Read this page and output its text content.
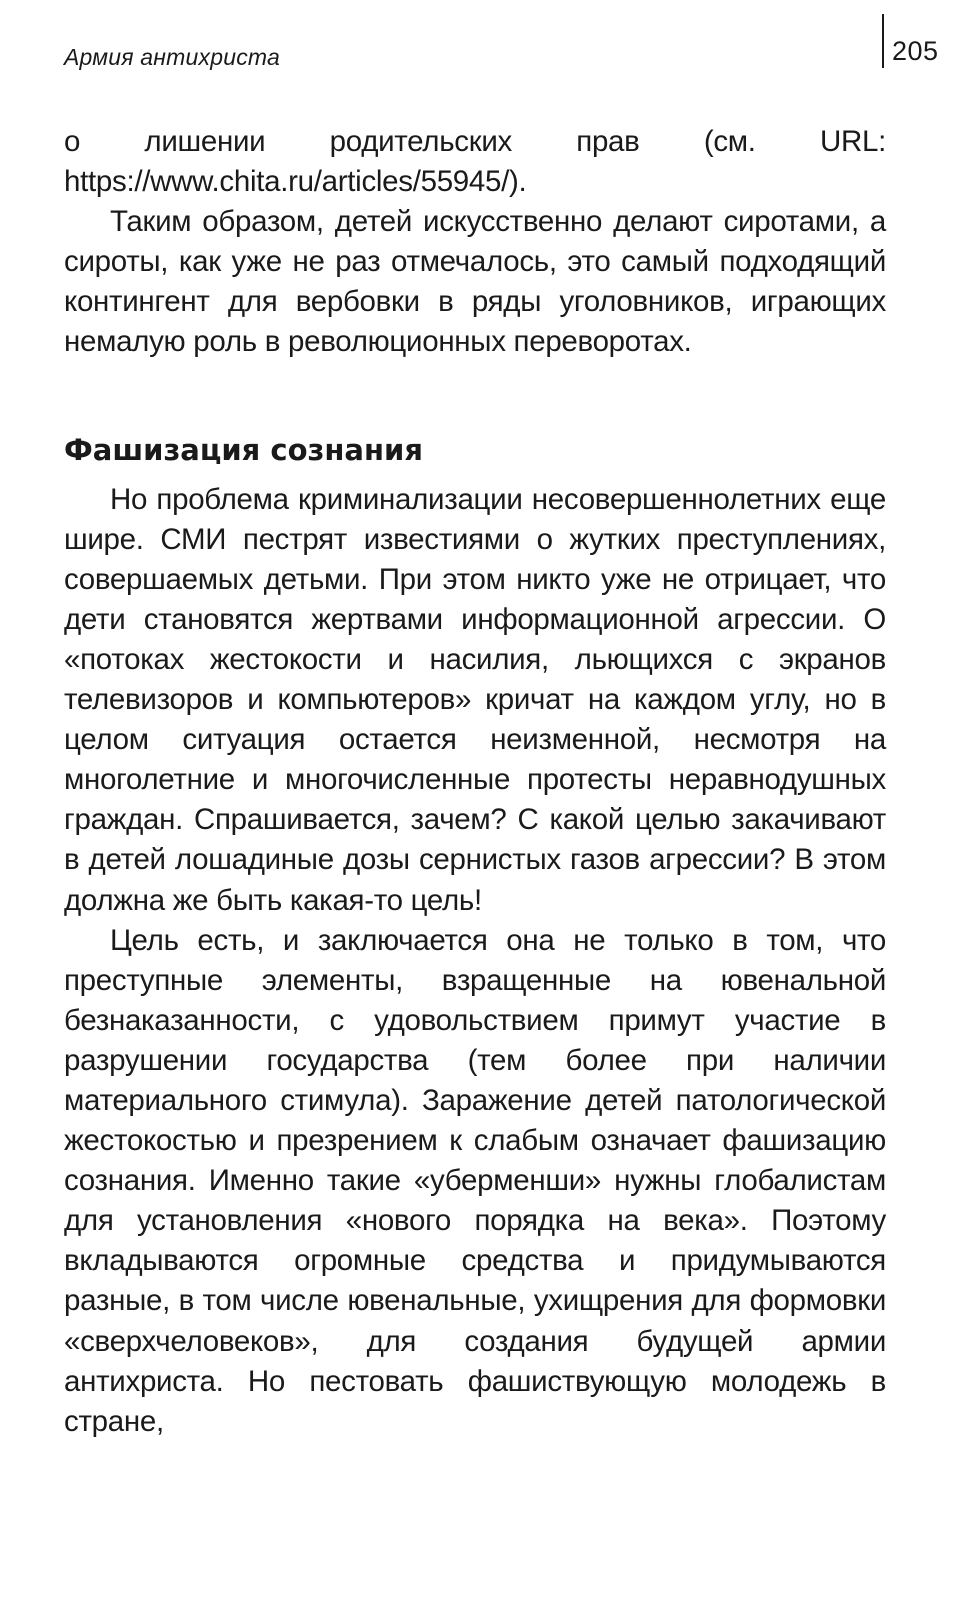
Армия антихриста	205

о лишении родительских прав (см. URL: https://www.chita.ru/articles/55945/).

Таким образом, детей искусственно делают сиротами, а сироты, как уже не раз отмечалось, это самый подходящий контингент для вербовки в ряды уголовников, играющих немалую роль в революционных переворотах.

Фашизация сознания

Но проблема криминализации несовершеннолетних еще шире. СМИ пестрят известиями о жутких преступлениях, совершаемых детьми. При этом никто уже не отрицает, что дети становятся жертвами информационной агрессии. О «потоках жестокости и насилия, льющихся с экранов телевизоров и компьютеров» кричат на каждом углу, но в целом ситуация остается неизменной, несмотря на многолетние и многочисленные протесты неравнодушных граждан. Спрашивается, зачем? С какой целью закачивают в детей лошадиные дозы сернистых газов агрессии? В этом должна же быть какая-то цель!

Цель есть, и заключается она не только в том, что преступные элементы, взращенные на ювенальной безнаказанности, с удовольствием примут участие в разрушении государства (тем более при наличии материального стимула). Заражение детей патологической жестокостью и презрением к слабым означает фашизацию сознания. Именно такие «уберменши» нужны глобалистам для установления «нового порядка на века». Поэтому вкладываются огромные средства и придумываются разные, в том числе ювенальные, ухищрения для формовки «сверхчеловеков», для создания будущей армии антихриста. Но пестовать фашиствующую молодежь в стране,
